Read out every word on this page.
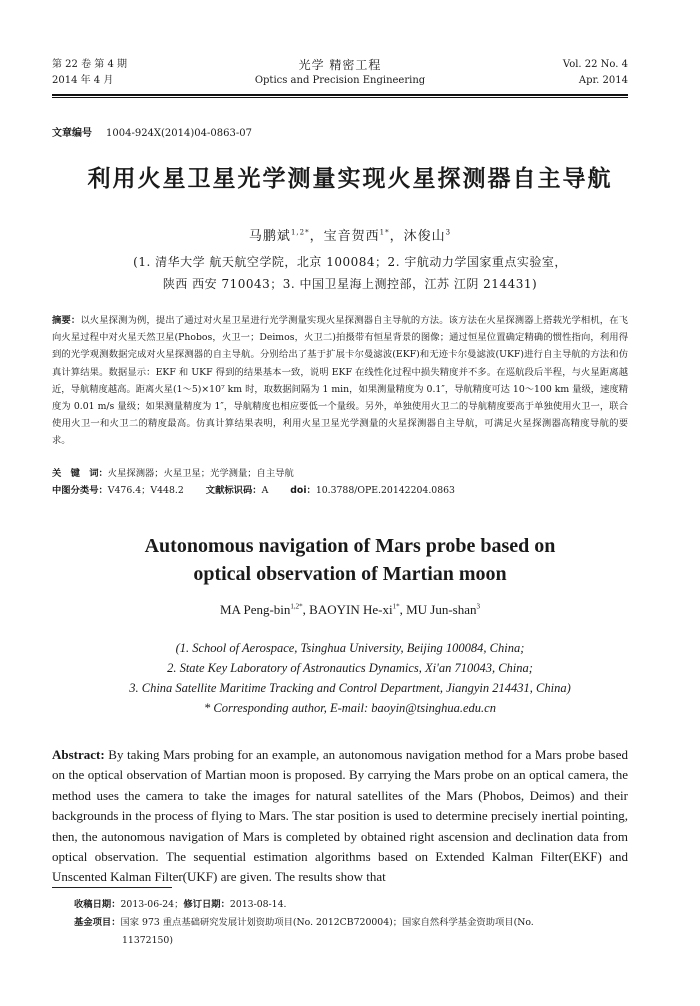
第 22 卷 第 4 期
2014 年 4 月
光学 精密工程
Optics and Precision Engineering
Vol. 22 No. 4
Apr. 2014
文章编号 1004-924X(2014)04-0863-07
利用火星卫星光学测量实现火星探测器自主导航
马鹏斌$^{1,2*}$，宝音贺西$^{1*}$，沐俊山$^3$
(1. 清华大学 航天航空学院，北京 100084；2. 宇航动力学国家重点实验室，
陕西 西安 710043；3. 中国卫星海上测控部，江苏 江阴 214431)
摘要：以火星探测为例，提出了通过对火星卫星进行光学测量实现火星探测器自主导航的方法。该方法在火星探测器上搭载光学相机，在飞向火星过程中对火星天然卫星(Phobos，火卫一；Deimos，火卫二)拍摄带有恒星背景的图像；通过恒星位置确定精确的惯性指向，利用得到的光学观测数据完成对火星探测器的自主导航。分别给出了基于扩展卡尔曼滤波(EKF)和无迹卡尔曼滤波(UKF)进行自主导航的方法和仿真计算结果。数据显示：EKF 和 UKF 得到的结果基本一致，说明 EKF 在线性化过程中损失精度并不多。在巡航段后半程，与火星距离越近，导航精度越高。距离火星(1～5)×10⁷ km 时，取数据间隔为 1 min，如果测量精度为 0.1″，导航精度可达 10～100 km 量级，速度精度为 0.01 m/s 量级；如果测量精度为 1″，导航精度也相应要低一个量级。另外，单独使用火卫二的导航精度要高于单独使用火卫一，联合使用火卫一和火卫二的精度最高。仿真计算结果表明，利用火星卫星光学测量的火星探测器自主导航，可满足火星探测器高精度导航的要求。
关　键　词：火星探测器；火星卫星；光学测量；自主导航
中图分类号：V476.4；V448.2 文献标识码：A doi：10.3788/OPE.20142204.0863
Autonomous navigation of Mars probe based on
optical observation of Martian moon
MA Peng-bin$^{1,2*}$, BAOYIN $He-xi^{1*}$, MU Jun-shan$^3$
(1. School of Aerospace, Tsinghua University, Beijing 100084, China;
2. State Key Laboratory of Astronautics Dynamics, Xi'an 710043, China;
3. China Satellite Maritime Tracking and Control Department, Jiangyin 214431, China)
* Corresponding author, E-mail: baoyin@tsinghua.edu.cn
Abstract: By taking Mars probing for an example, an autonomous navigation method for a Mars probe based on the optical observation of Martian moon is proposed. By carrying the Mars probe on an optical camera, the method uses the camera to take the images for natural satellites of the Mars (Phobos, Deimos) and their backgrounds in the process of flying to Mars. The star position is used to determine precisely inertial pointing, then, the autonomous navigation of Mars is completed by obtained right ascension and declination data from optical observation. The sequential estimation algorithms based on Extended Kalman Filter(EKF) and Unscented Kalman Filter(UKF) are given. The results show that
收稿日期：2013-06-24；修订日期：2013-08-14.
基金项目：国家 973 重点基础研究发展计划资助项目(No. 2012CB720004)；国家自然科学基金资助项目(No.
11372150)
